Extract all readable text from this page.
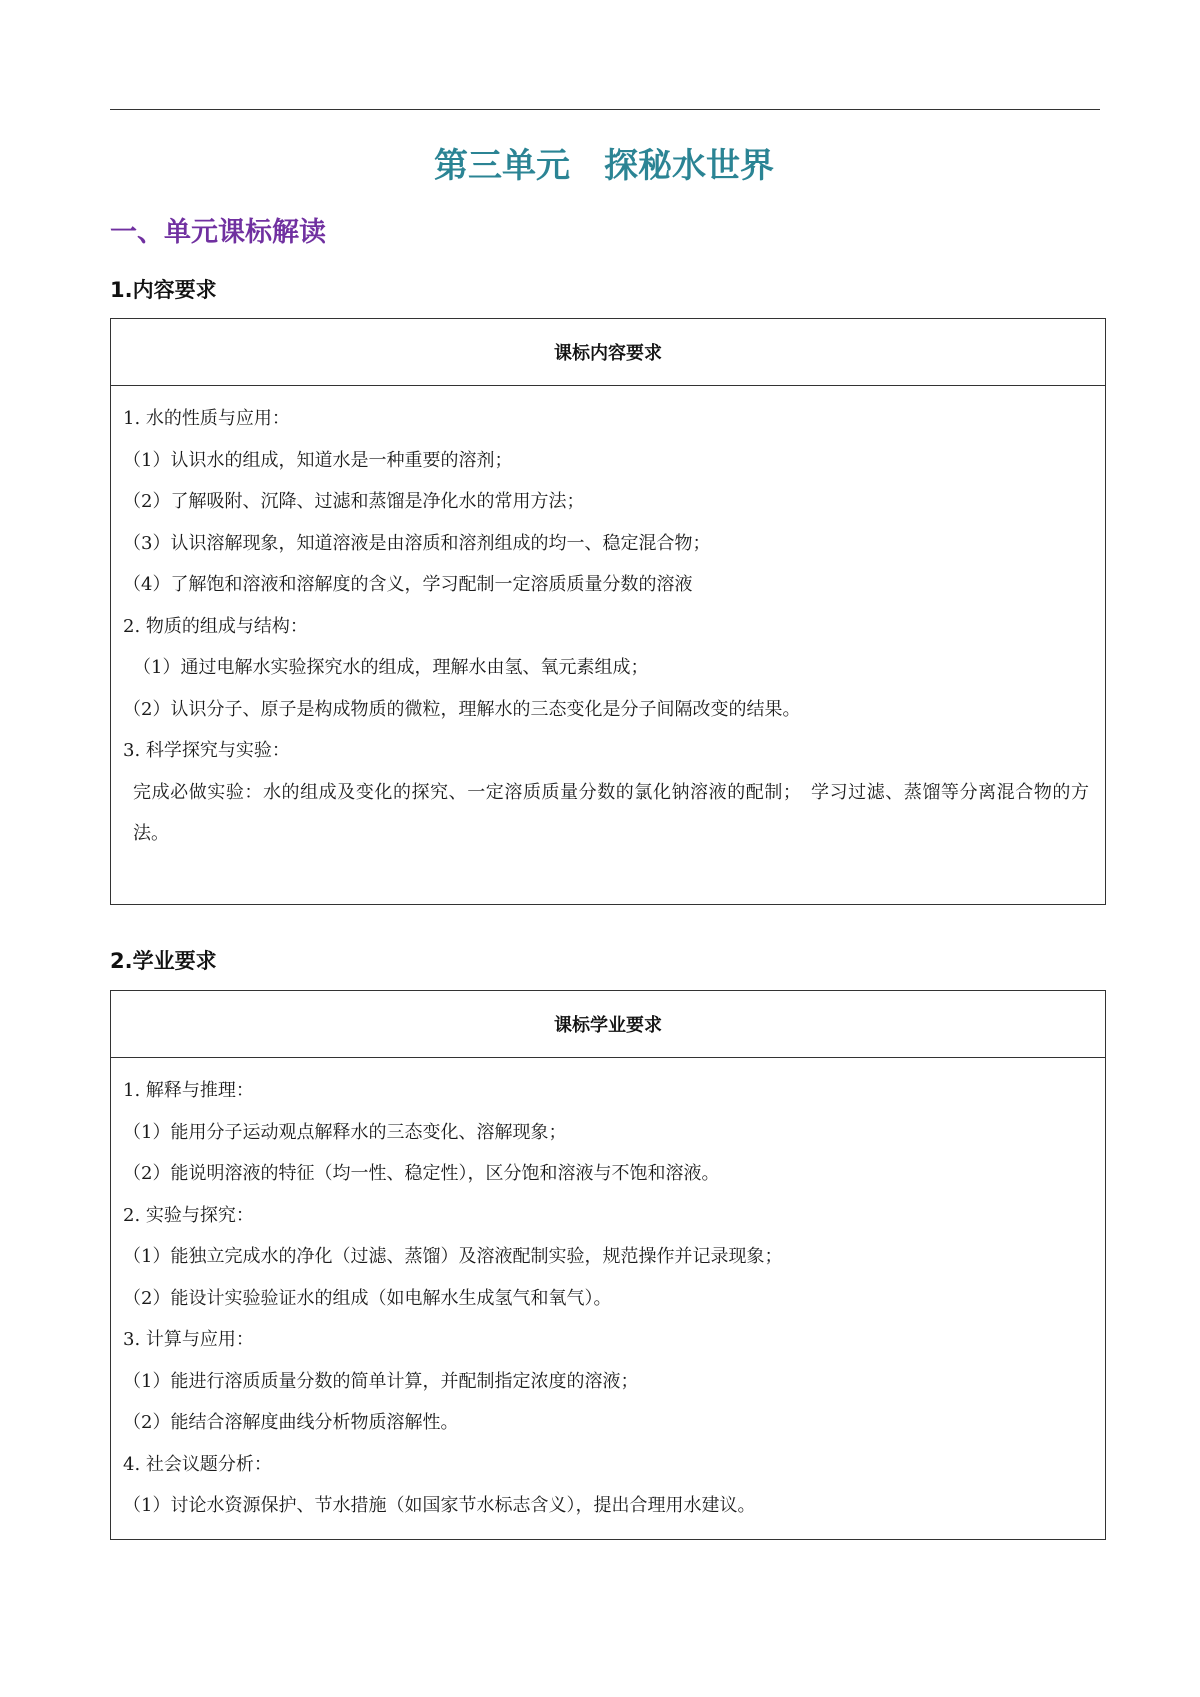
第三单元　探秘水世界
一、单元课标解读
1.内容要求
课标内容要求
1. 水的性质与应用：
（1）认识水的组成，知道水是一种重要的溶剂；
（2）了解吸附、沉降、过滤和蒸馏是净化水的常用方法；
（3）认识溶解现象，知道溶液是由溶质和溶剂组成的均一、稳定混合物；
（4）了解饱和溶液和溶解度的含义，学习配制一定溶质质量分数的溶液
2. 物质的组成与结构：
（1）通过电解水实验探究水的组成，理解水由氢、氧元素组成；
（2）认识分子、原子是构成物质的微粒，理解水的三态变化是分子间隔改变的结果。
3. 科学探究与实验：
完成必做实验：水的组成及变化的探究、一定溶质质量分数的氯化钠溶液的配制；　学习过滤、蒸馏等分离混合物的方法。
2.学业要求
课标学业要求
1. 解释与推理：
（1）能用分子运动观点解释水的三态变化、溶解现象；
（2）能说明溶液的特征（均一性、稳定性），区分饱和溶液与不饱和溶液。
2. 实验与探究：
（1）能独立完成水的净化（过滤、蒸馏）及溶液配制实验，规范操作并记录现象；
（2）能设计实验验证水的组成（如电解水生成氢气和氧气）。
3. 计算与应用：
（1）能进行溶质质量分数的简单计算，并配制指定浓度的溶液；
（2）能结合溶解度曲线分析物质溶解性。
4. 社会议题分析：
（1）讨论水资源保护、节水措施（如国家节水标志含义），提出合理用水建议。
